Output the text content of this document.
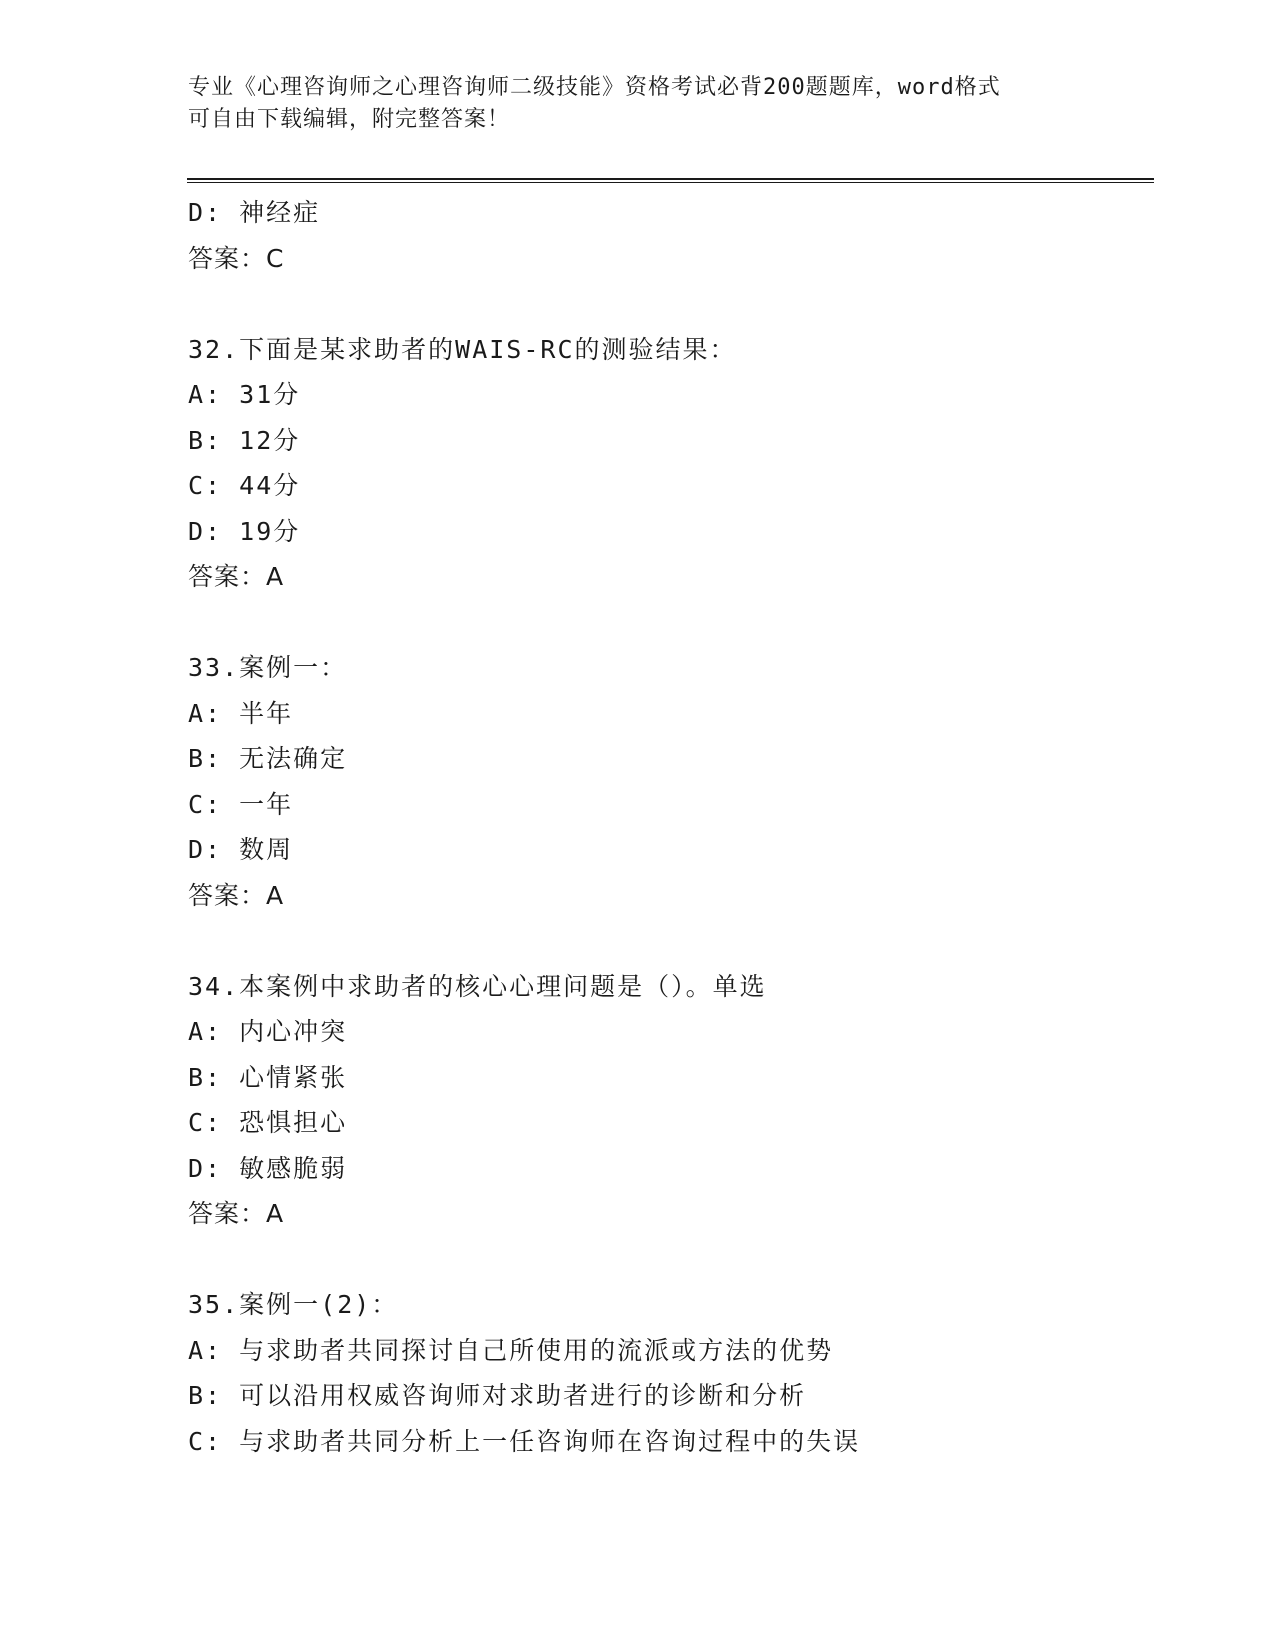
专业《心理咨询师之心理咨询师二级技能》资格考试必背200题题库，word格式
可自由下载编辑，附完整答案！
D: 神经症
答案：C
32.下面是某求助者的WAIS-RC的测验结果：
A: 31分
B: 12分
C: 44分
D: 19分
答案：A
33.案例一：
A: 半年
B: 无法确定
C: 一年
D: 数周
答案：A
34.本案例中求助者的核心心理问题是（）。单选
A: 内心冲突
B: 心情紧张
C: 恐惧担心
D: 敏感脆弱
答案：A
35.案例一(2)：
A: 与求助者共同探讨自己所使用的流派或方法的优势
B: 可以沿用权威咨询师对求助者进行的诊断和分析
C: 与求助者共同分析上一任咨询师在咨询过程中的失误
